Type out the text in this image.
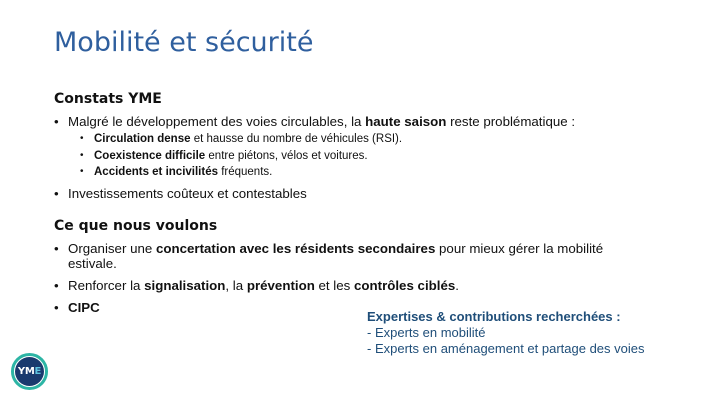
Mobilité et sécurité
Constats YME
• Malgré le développement des voies circulables, la haute saison reste problématique :
• Circulation dense et hausse du nombre de véhicules (RSI).
• Coexistence difficile entre piétons, vélos et voitures.
• Accidents et incivilités fréquents.
• Investissements coûteux et contestables
Ce que nous voulons
• Organiser une concertation avec les résidents secondaires pour mieux gérer la mobilité estivale.
• Renforcer la signalisation, la prévention et les contrôles ciblés.
• CIPC
Expertises & contributions recherchées :
- Experts en mobilité
- Experts en aménagement et partage des voies
Y M E
